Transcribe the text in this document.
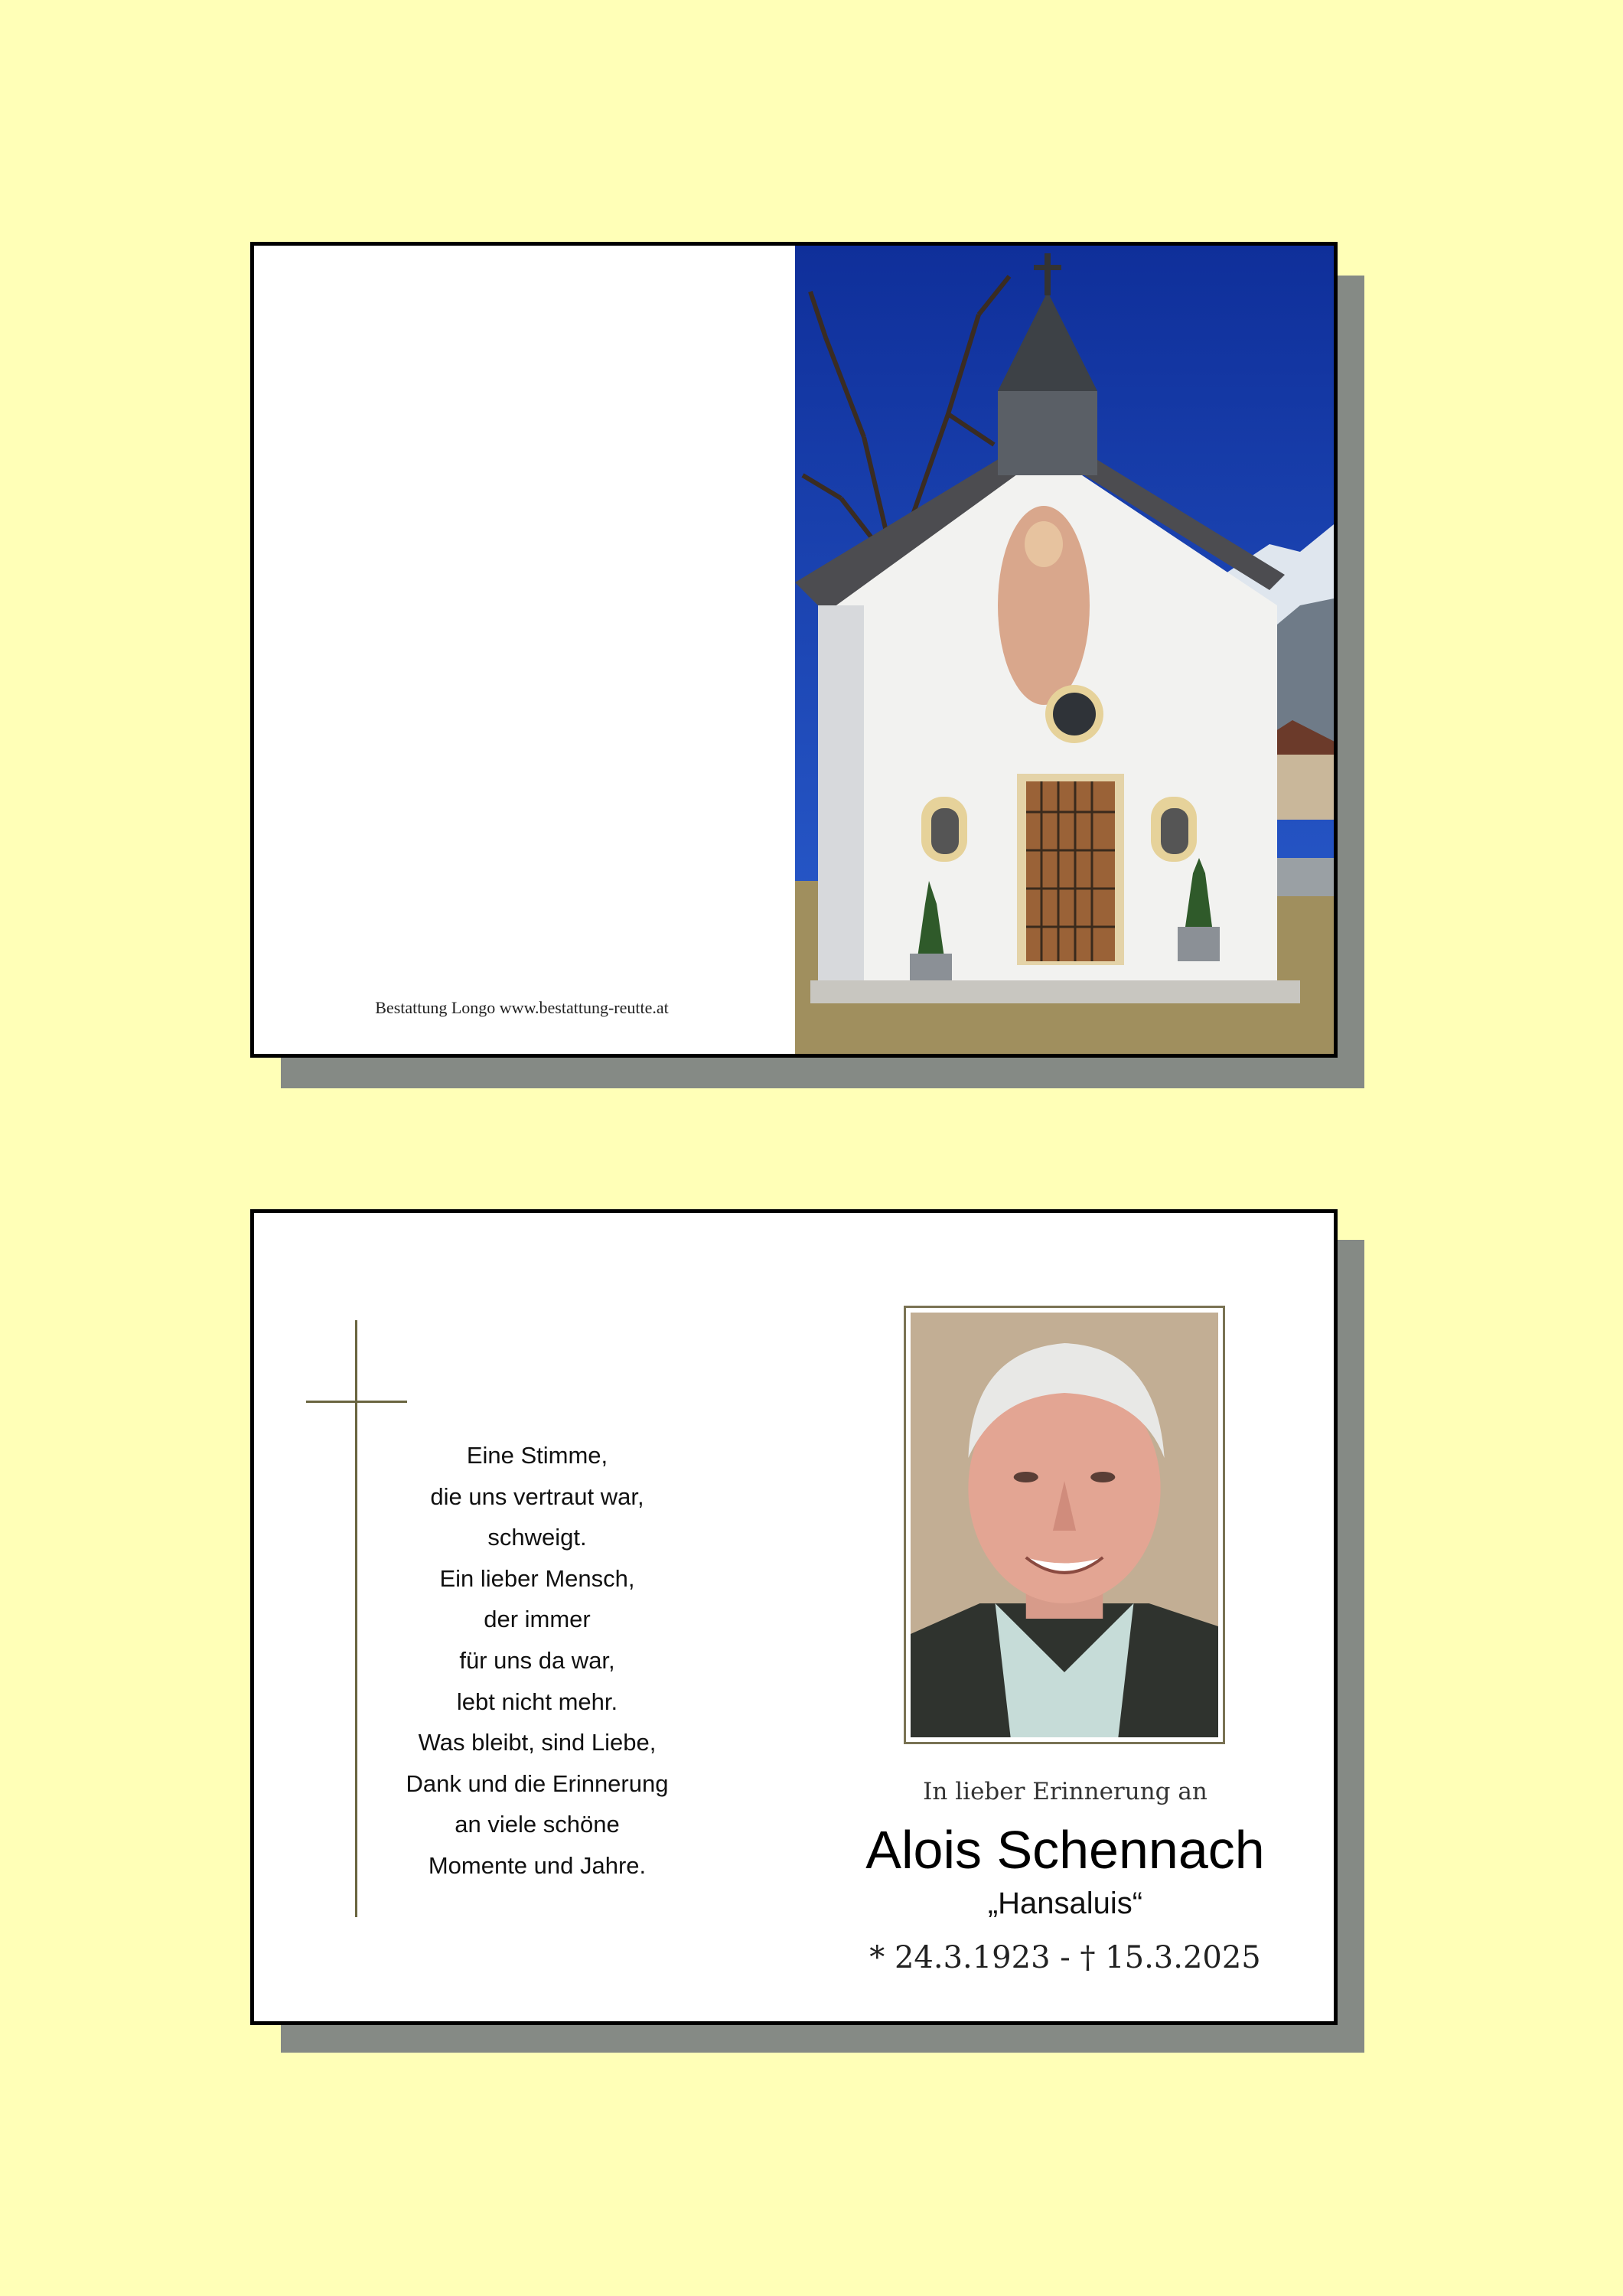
Bestattung Longo www.bestattung-reutte.at
Eine Stimme,
die uns vertraut war,
schweigt.
Ein lieber Mensch,
der immer
für uns da war,
lebt nicht mehr.
Was bleibt, sind Liebe,
Dank und die Erinnerung
an viele schöne
Momente und Jahre.
In lieber Erinnerung an
Alois Schennach
„Hansaluis“
* 24.3.1923 - † 15.3.2025
